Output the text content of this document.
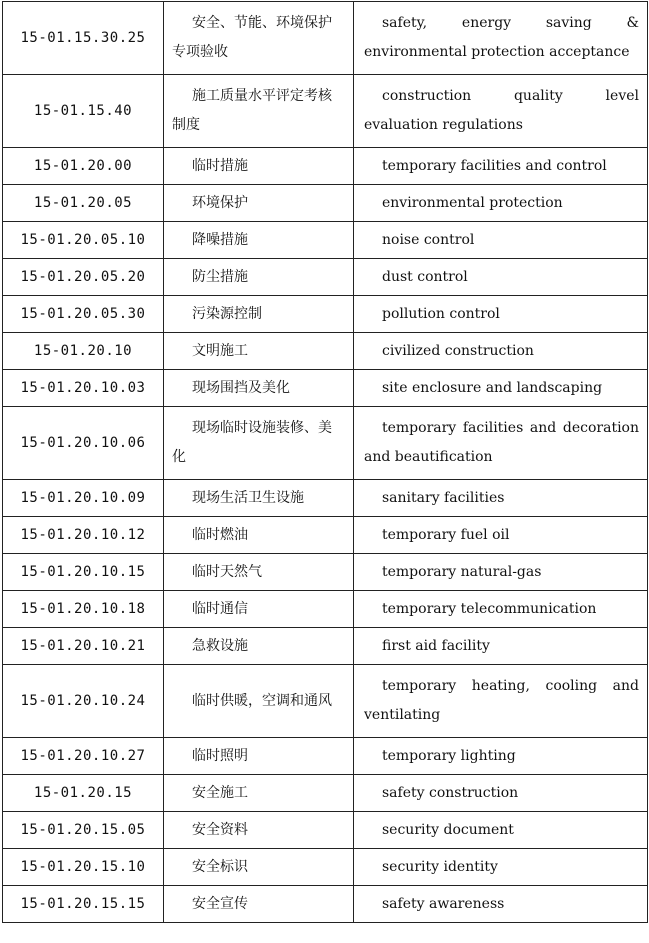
15-01.15.30.25	安全、节能、环境保护专项验收	safety, energy saving & environmental protection acceptance
15-01.15.40	施工质量水平评定考核制度	construction quality level evaluation regulations
15-01.20.00	临时措施	temporary facilities and control
15-01.20.05	环境保护	environmental protection
15-01.20.05.10	降噪措施	noise control
15-01.20.05.20	防尘措施	dust control
15-01.20.05.30	污染源控制	pollution control
15-01.20.10	文明施工	civilized construction
15-01.20.10.03	现场围挡及美化	site enclosure and landscaping
15-01.20.10.06	现场临时设施装修、美化	temporary facilities and decoration and beautification
15-01.20.10.09	现场生活卫生设施	sanitary facilities
15-01.20.10.12	临时燃油	temporary fuel oil
15-01.20.10.15	临时天然气	temporary natural-gas
15-01.20.10.18	临时通信	temporary telecommunication
15-01.20.10.21	急救设施	first aid facility
15-01.20.10.24	临时供暖，空调和通风	temporary heating, cooling and ventilating
15-01.20.10.27	临时照明	temporary lighting
15-01.20.15	安全施工	safety construction
15-01.20.15.05	安全资料	security document
15-01.20.15.10	安全标识	security identity
15-01.20.15.15	安全宣传	safety awareness
